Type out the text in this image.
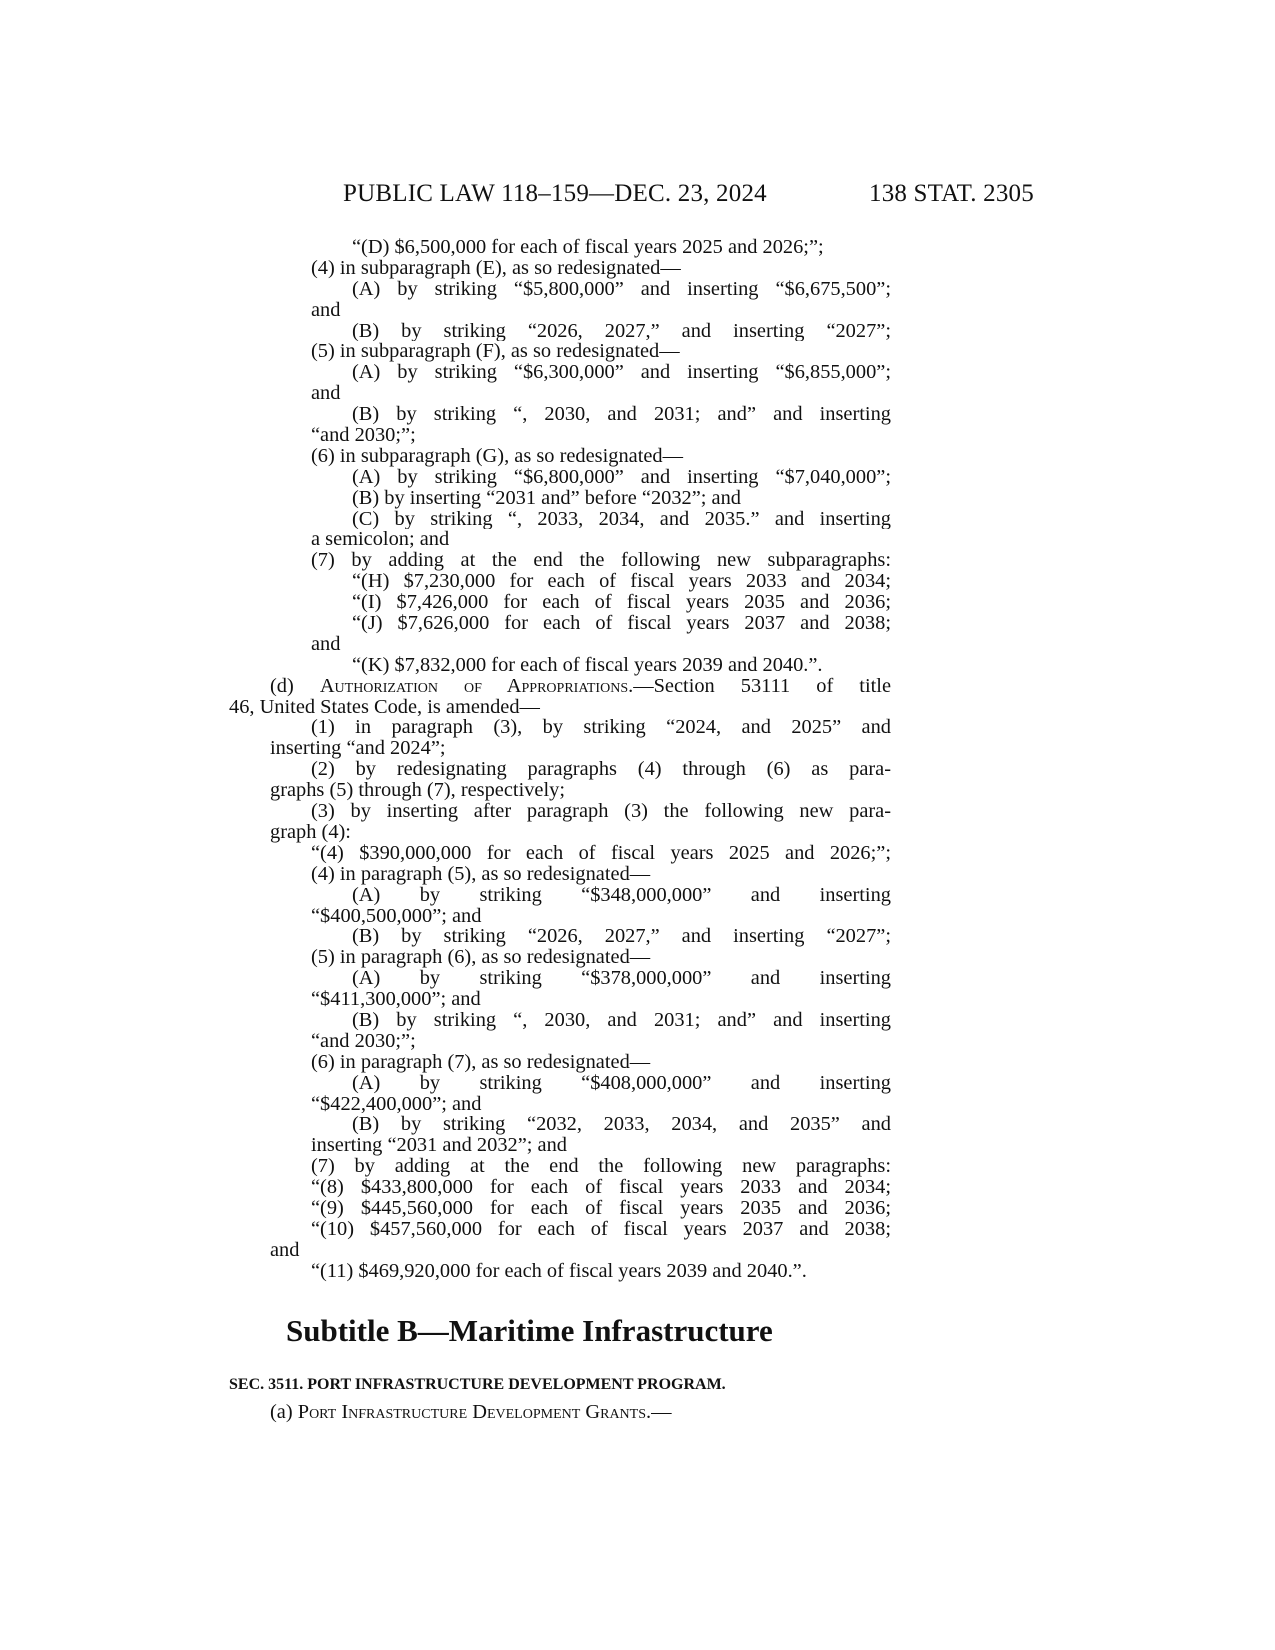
PUBLIC LAW 118–159—DEC. 23, 2024	138 STAT. 2305
“(D) $6,500,000 for each of fiscal years 2025 and 2026;”;
(4) in subparagraph (E), as so redesignated—
(A) by striking “$5,800,000” and inserting “$6,675,500”;
and
(B) by striking “2026, 2027,” and inserting “2027”;
(5) in subparagraph (F), as so redesignated—
(A) by striking “$6,300,000” and inserting “$6,855,000”;
and
(B) by striking “, 2030, and 2031; and” and inserting
“and 2030;”;
(6) in subparagraph (G), as so redesignated—
(A) by striking “$6,800,000” and inserting “$7,040,000”;
(B) by inserting “2031 and” before “2032”; and
(C) by striking “, 2033, 2034, and 2035.” and inserting
a semicolon; and
(7) by adding at the end the following new subparagraphs:
“(H) $7,230,000 for each of fiscal years 2033 and 2034;
“(I) $7,426,000 for each of fiscal years 2035 and 2036;
“(J) $7,626,000 for each of fiscal years 2037 and 2038;
and
“(K) $7,832,000 for each of fiscal years 2039 and 2040.”.
(d) Authorization of Appropriations.—Section 53111 of title
46, United States Code, is amended—
(1) in paragraph (3), by striking “2024, and 2025” and
inserting “and 2024”;
(2) by redesignating paragraphs (4) through (6) as para-
graphs (5) through (7), respectively;
(3) by inserting after paragraph (3) the following new para-
graph (4):
“(4) $390,000,000 for each of fiscal years 2025 and 2026;”;
(4) in paragraph (5), as so redesignated—
(A) by striking “$348,000,000” and inserting
“$400,500,000”; and
(B) by striking “2026, 2027,” and inserting “2027”;
(5) in paragraph (6), as so redesignated—
(A) by striking “$378,000,000” and inserting
“$411,300,000”; and
(B) by striking “, 2030, and 2031; and” and inserting
“and 2030;”;
(6) in paragraph (7), as so redesignated—
(A) by striking “$408,000,000” and inserting
“$422,400,000”; and
(B) by striking “2032, 2033, 2034, and 2035” and
inserting “2031 and 2032”; and
(7) by adding at the end the following new paragraphs:
“(8) $433,800,000 for each of fiscal years 2033 and 2034;
“(9) $445,560,000 for each of fiscal years 2035 and 2036;
“(10) $457,560,000 for each of fiscal years 2037 and 2038;
and
“(11) $469,920,000 for each of fiscal years 2039 and 2040.”.
Subtitle B—Maritime Infrastructure
SEC. 3511. PORT INFRASTRUCTURE DEVELOPMENT PROGRAM.
(a) Port Infrastructure Development Grants.—
